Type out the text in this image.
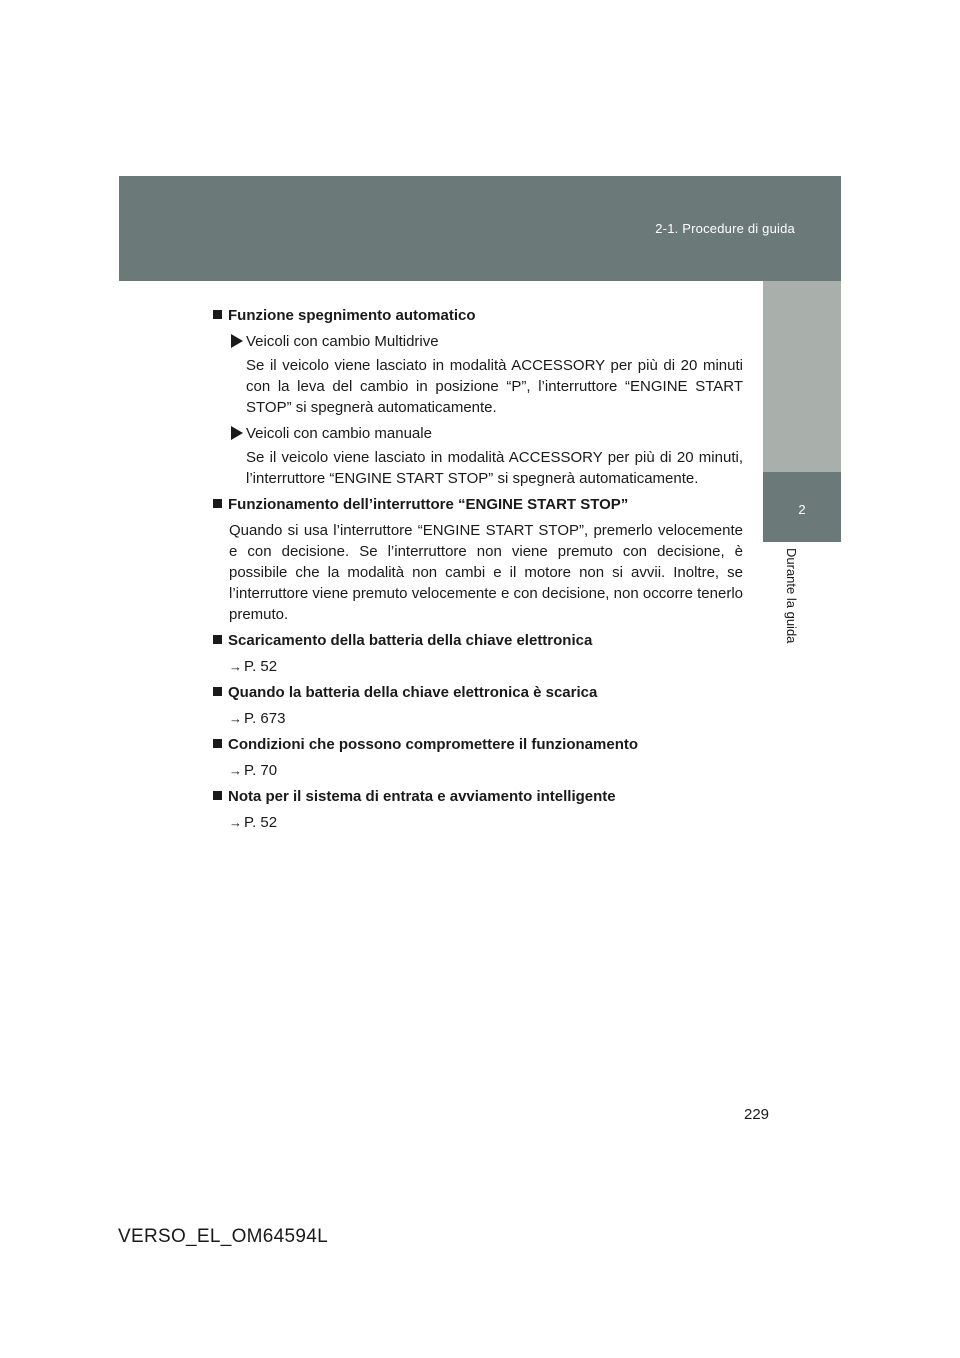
2-1. Procedure di guida
2
Durante la guida
Funzione spegnimento automatico
Veicoli con cambio Multidrive
Se il veicolo viene lasciato in modalità ACCESSORY per più di 20 minuti con la leva del cambio in posizione “P”, l’interruttore “ENGINE START STOP” si spegnerà automaticamente.
Veicoli con cambio manuale
Se il veicolo viene lasciato in modalità ACCESSORY per più di 20 minuti, l’interruttore “ENGINE START STOP” si spegnerà automaticamente.
Funzionamento dell’interruttore “ENGINE START STOP”
Quando si usa l’interruttore “ENGINE START STOP”, premerlo velocemente e con decisione. Se l’interruttore non viene premuto con decisione, è possibile che la modalità non cambi e il motore non si avvii. Inoltre, se l’interruttore viene premuto velocemente e con decisione, non occorre tenerlo premuto.
Scaricamento della batteria della chiave elettronica
→ P. 52
Quando la batteria della chiave elettronica è scarica
→ P. 673
Condizioni che possono compromettere il funzionamento
→ P. 70
Nota per il sistema di entrata e avviamento intelligente
→ P. 52
229
VERSO_EL_OM64594L
